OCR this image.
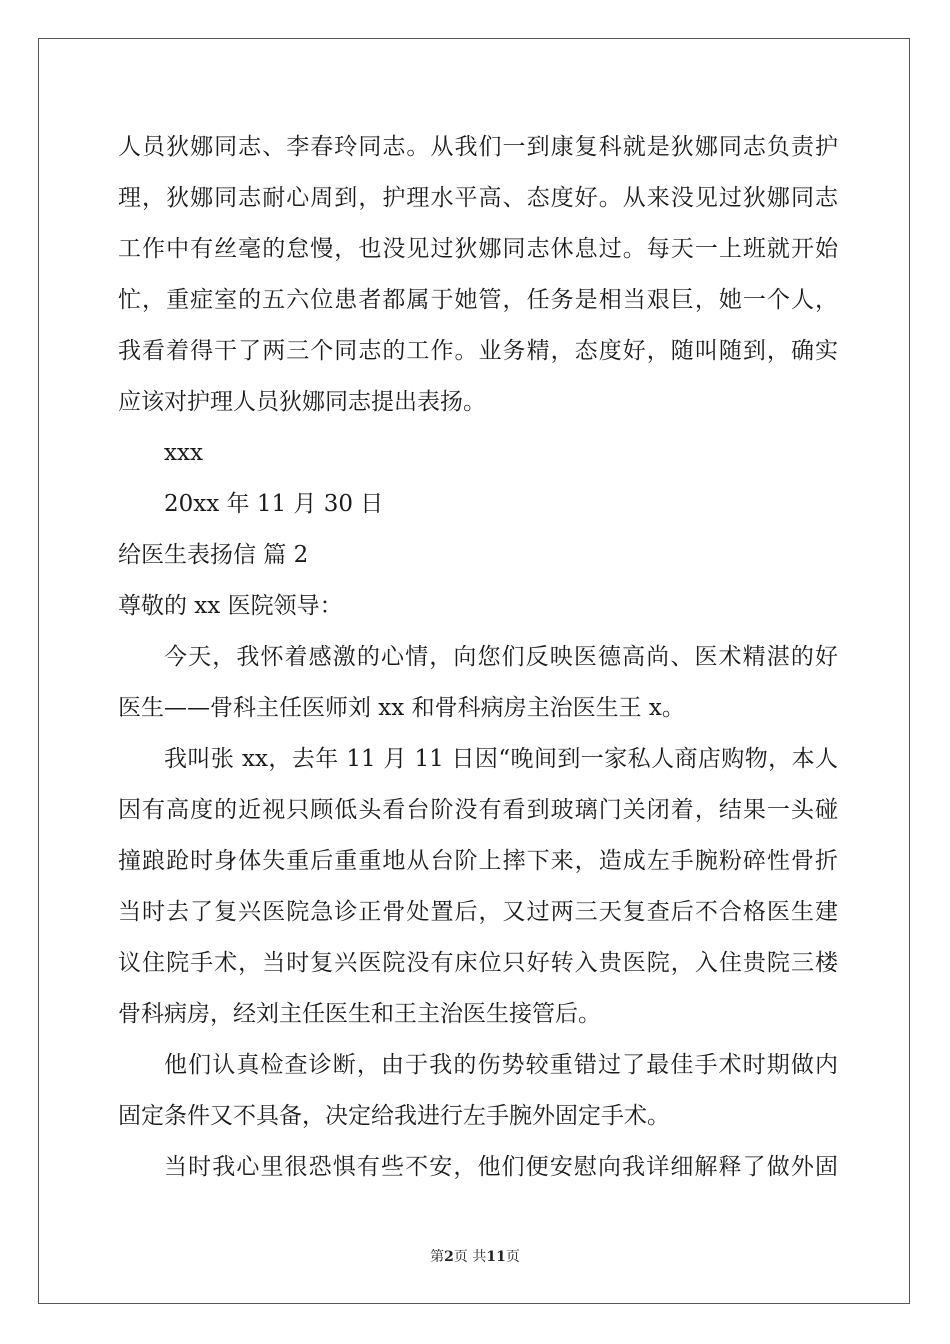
人员狄娜同志、李春玲同志。从我们一到康复科就是狄娜同志负责护
理，狄娜同志耐心周到，护理水平高、态度好。从来没见过狄娜同志
工作中有丝毫的怠慢，也没见过狄娜同志休息过。每天一上班就开始
忙，重症室的五六位患者都属于她管，任务是相当艰巨，她一个人，
我看着得干了两三个同志的工作。业务精，态度好，随叫随到，确实
应该对护理人员狄娜同志提出表扬。
xxx
20xx 年 11 月 30 日
给医生表扬信 篇 2
尊敬的 xx 医院领导：
今天，我怀着感激的心情，向您们反映医德高尚、医术精湛的好
医生——骨科主任医师刘 xx 和骨科病房主治医生王 x。
我叫张 xx，去年 11 月 11 日因“晚间到一家私人商店购物，本人
因有高度的近视只顾低头看台阶没有看到玻璃门关闭着，结果一头碰
撞踉跄时身体失重后重重地从台阶上摔下来，造成左手腕粉碎性骨折
当时去了复兴医院急诊正骨处置后，又过两三天复查后不合格医生建
议住院手术，当时复兴医院没有床位只好转入贵医院，入住贵院三楼
骨科病房，经刘主任医生和王主治医生接管后。
他们认真检查诊断，由于我的伤势较重错过了最佳手术时期做内
固定条件又不具备，决定给我进行左手腕外固定手术。
当时我心里很恐惧有些不安，他们便安慰向我详细解释了做外固
第2页 共11页
